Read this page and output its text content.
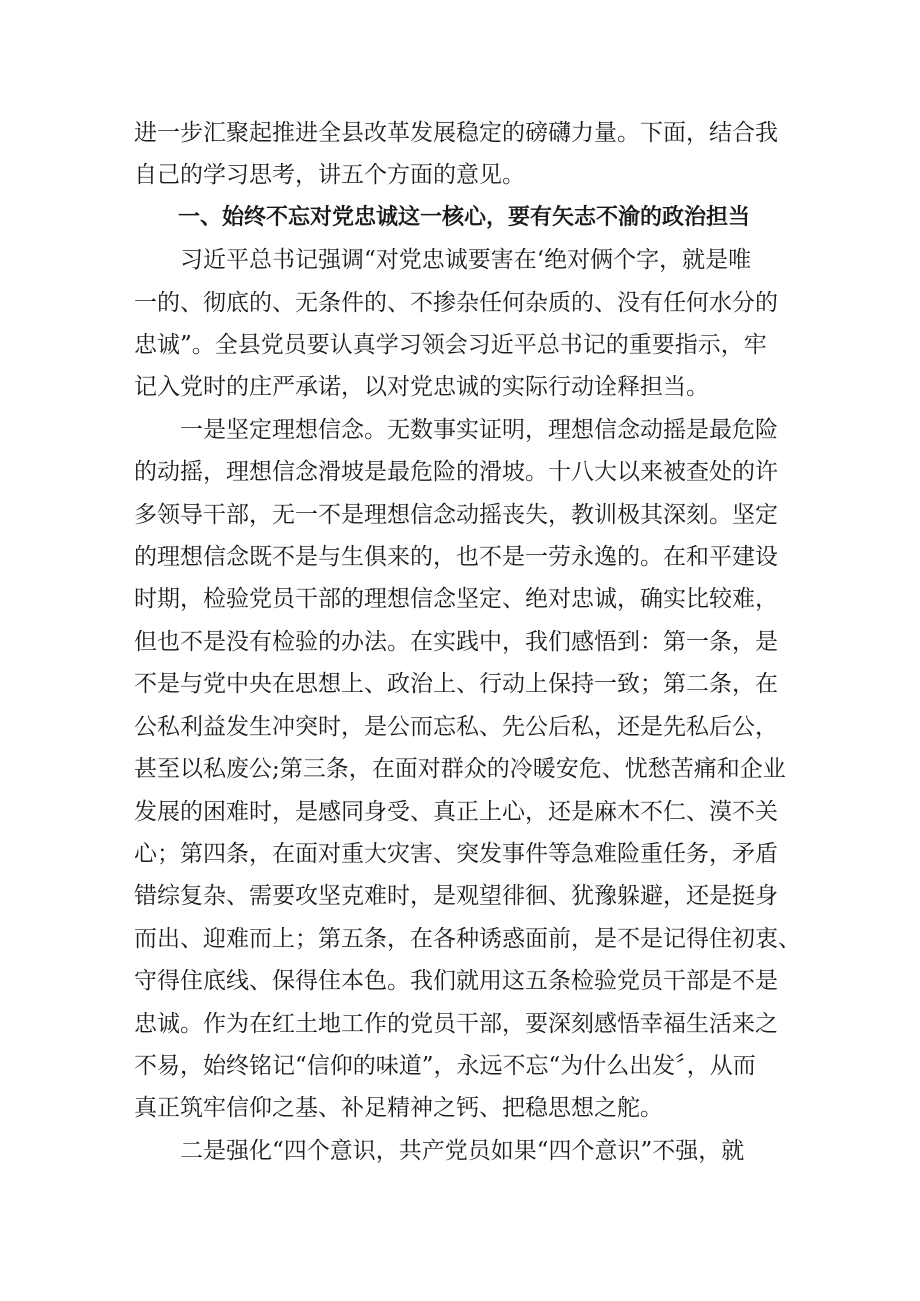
进一步汇聚起推进全县改革发展稳定的磅礴力量。下面，结合我
自己的学习思考，讲五个方面的意见。

一、始终不忘对党忠诚这一核心，要有矢志不渝的政治担当

习近平总书记强调“对党忠诚要害在‘绝对俩个字，就是唯
一的、彻底的、无条件的、不掺杂任何杂质的、没有任何水分的
忠诚”。全县党员要认真学习领会习近平总书记的重要指示，牢
记入党时的庄严承诺，以对党忠诚的实际行动诠释担当。

一是坚定理想信念。无数事实证明，理想信念动摇是最危险
的动摇，理想信念滑坡是最危险的滑坡。十八大以来被查处的许
多领导干部，无一不是理想信念动摇丧失，教训极其深刻。坚定
的理想信念既不是与生俱来的，也不是一劳永逸的。在和平建设
时期，检验党员干部的理想信念坚定、绝对忠诚，确实比较难，
但也不是没有检验的办法。在实践中，我们感悟到：第一条，是
不是与党中央在思想上、政治上、行动上保持一致；第二条，在
公私利益发生冲突时，是公而忘私、先公后私，还是先私后公，
甚至以私废公;第三条，在面对群众的冷暖安危、忧愁苦痛和企业
发展的困难时，是感同身受、真正上心，还是麻木不仁、漠不关
心；第四条，在面对重大灾害、突发事件等急难险重任务，矛盾
错综复杂、需要攻坚克难时，是观望徘徊、犹豫躲避，还是挺身
而出、迎难而上；第五条，在各种诱惑面前，是不是记得住初衷、
守得住底线、保得住本色。我们就用这五条检验党员干部是不是
忠诚。作为在红土地工作的党员干部，要深刻感悟幸福生活来之
不易，始终铭记“信仰的味道”，永远不忘“为什么出发〞，从而
真正筑牢信仰之基、补足精神之钙、把稳思想之舵。

二是强化“四个意识，共产党员如果“四个意识”不强，就
